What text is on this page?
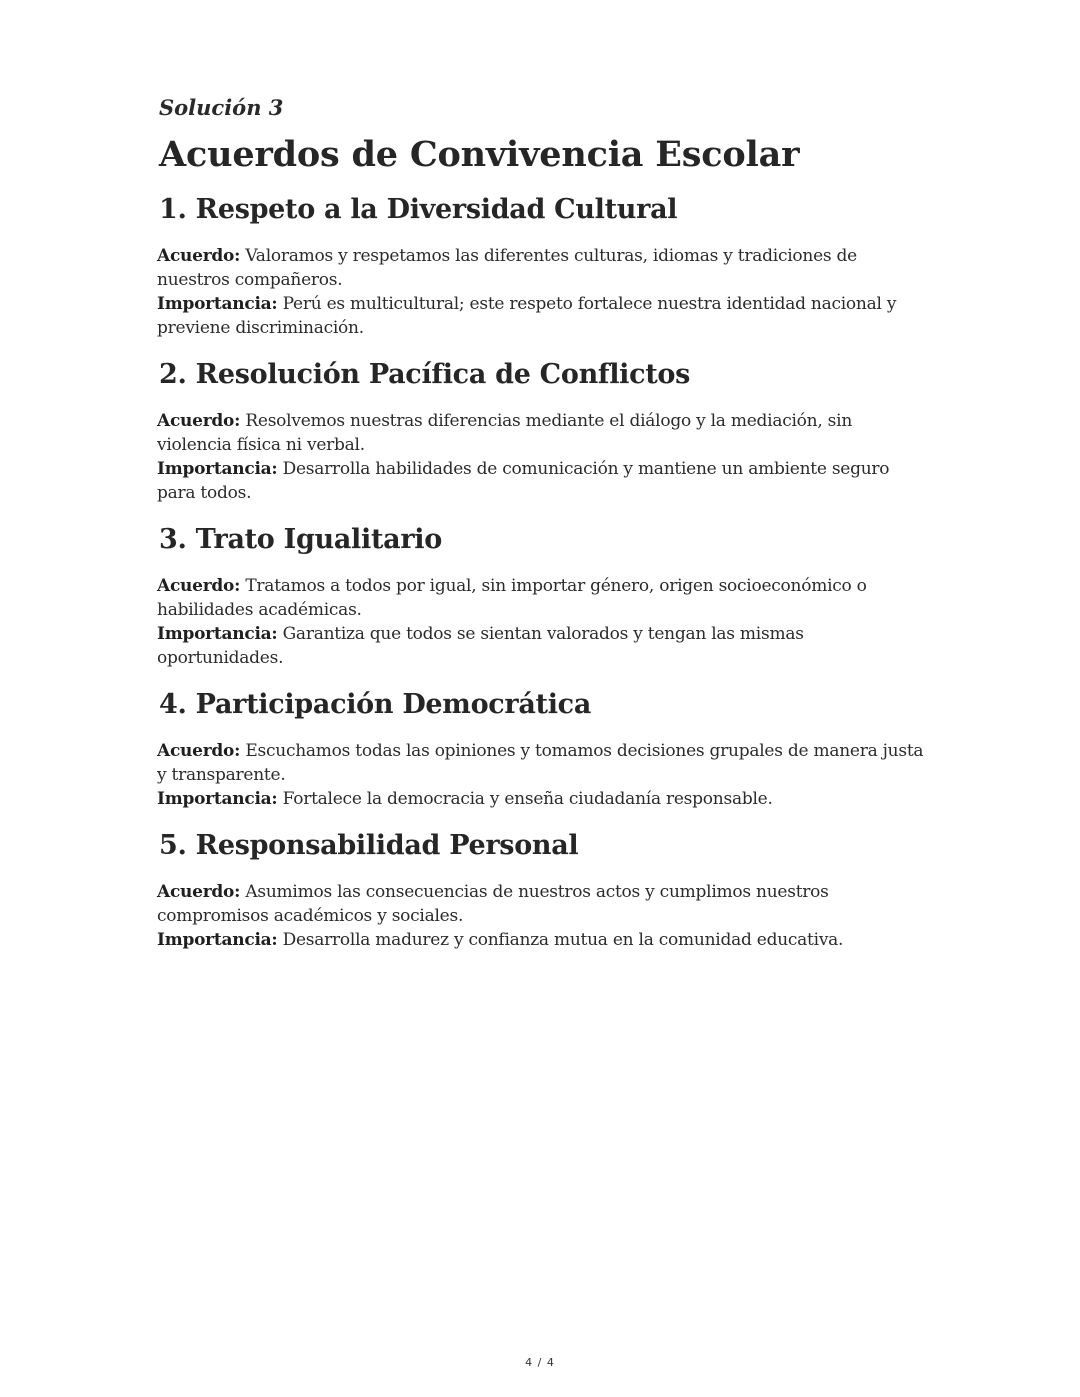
Solución 3
Acuerdos de Convivencia Escolar
1. Respeto a la Diversidad Cultural

Acuerdo: Valoramos y respetamos las diferentes culturas, idiomas y tradiciones de nuestros compañeros.

Importancia: Perú es multicultural; este respeto fortalece nuestra identidad nacional y previene discriminación.

2. Resolución Pacífica de Conflictos

Acuerdo: Resolvemos nuestras diferencias mediante el diálogo y la mediación, sin violencia física ni verbal.

Importancia: Desarrolla habilidades de comunicación y mantiene un ambiente seguro para todos.

3. Trato Igualitario

Acuerdo: Tratamos a todos por igual, sin importar género, origen socioeconómico o habilidades académicas.

Importancia: Garantiza que todos se sientan valorados y tengan las mismas oportunidades.

4. Participación Democrática

Acuerdo: Escuchamos todas las opiniones y tomamos decisiones grupales de manera justa y transparente.

Importancia: Fortalece la democracia y enseña ciudadanía responsable.

5. Responsabilidad Personal

Acuerdo: Asumimos las consecuencias de nuestros actos y cumplimos nuestros compromisos académicos y sociales.

Importancia: Desarrolla madurez y confianza mutua en la comunidad educativa.

4 / 4
